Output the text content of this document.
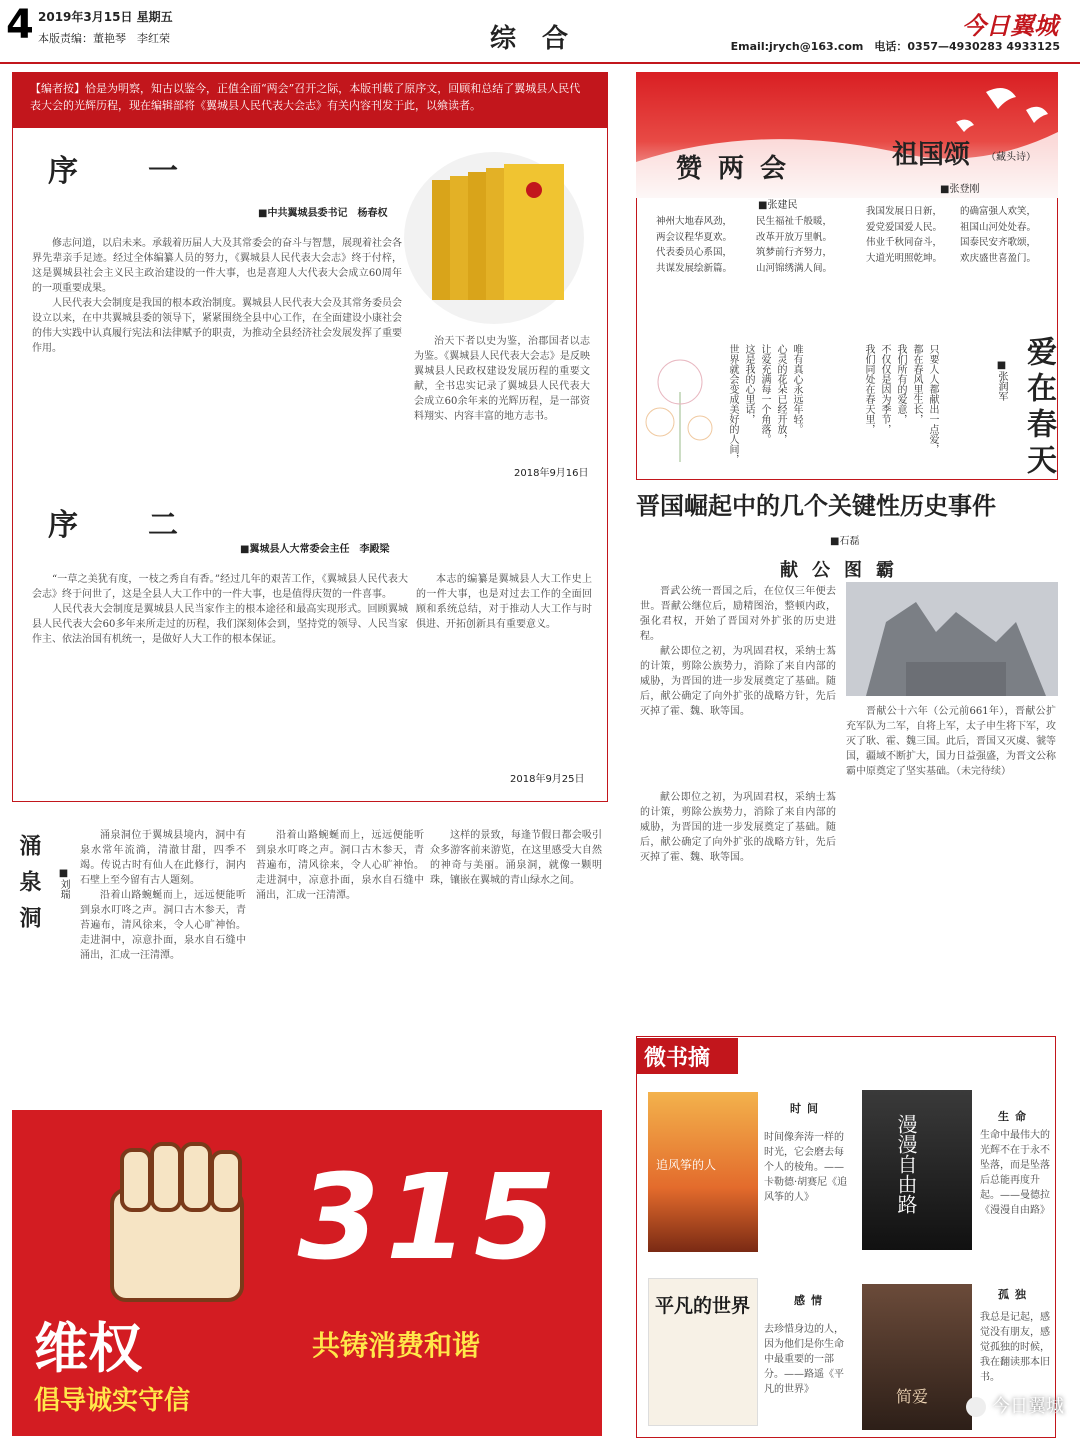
4 2019年3月15日 星期五
本版责编：董艳琴　李红荣	综合	今日翼城
Email:jrych@163.com　电话：0357—4930283 4933125
【编者按】恰是为明察，知古以鉴今，正值全面“两会”召开之际，本版刊载了原序文，回顾和总结了翼城县人民代表大会的光辉历程，现在编辑部将《翼城县人民代表大会志》有关内容刊发于此，以飨读者。
序一
■中共翼城县委书记　杨春权

修志问道，以启未来。承载着历届人大及其常委会的奋斗与智慧，展现着社会各界先辈亲手足迹。经过全体编纂人员的努力，《翼城县人民代表大会志》终于付梓，这是翼城县社会主义民主政治建设的一件大事，也是喜迎人大代表大会成立60周年的一项重要成果。

人民代表大会制度是我国的根本政治制度。翼城县人民代表大会及其常务委员会设立以来，在中共翼城县委的领导下，紧紧围绕全县中心工作，在全面建设小康社会的伟大实践中认真履行宪法和法律赋予的职责，为推动全县经济社会发展发挥了重要作用。

治天下者以史为鉴，治郡国者以志为鉴。《翼城县人民代表大会志》是反映翼城县人民政权建设发展历程的重要文献，全书忠实记录了翼城县人民代表大会成立60余年来的光辉历程，是一部资料翔实、内容丰富的地方志书。

2018年9月16日
序二
■翼城县人大常委会主任　李殿梁

“一草之美犹有度，一枝之秀自有香。”经过几年的艰苦工作，《翼城县人民代表大会志》终于问世了，这是全县人大工作中的一件大事，也是值得庆贺的一件喜事。

人民代表大会制度是翼城县人民当家作主的根本途径和最高实现形式。回顾翼城县人民代表大会60多年来所走过的历程，我们深刻体会到，坚持党的领导、人民当家作主、依法治国有机统一，是做好人大工作的根本保证。

本志的编纂是翼城县人大工作史上的一件大事，也是对过去工作的全面回顾和系统总结，对于推动人大工作与时俱进、开拓创新具有重要意义。

2018年9月25日
赞两会
■张建民
祖国颂 （藏头诗）
■张登刚
神州大地春风劲，
两会议程华夏欢。
代表委员心系国，
共谋发展绘新篇。
民生福祉千般暖，
改革开放万里帆。
筑梦前行齐努力，
山河锦绣满人间。
我国发展日日新，
爱党爱国爱人民。
伟业千秋同奋斗，
大道光明照乾坤。
的确富强人欢笑，
祖国山河处处春。
国泰民安齐歌颂，
欢庆盛世喜盈门。
唯有真心永远年轻。
心灵的花朵已经开放，
让爱充满每一个角落。
这是我的心里话，
世界就会变成美好的人间，	只要人人都献出一点爱，
都在春风里生长，
我们所有的爱意，
不仅仅是因为季节，
我们同处在春天里，	■张润军 爱在春天
晋国崛起中的几个关键性历史事件
■石磊
献公图霸

晋武公统一晋国之后，在位仅三年便去世。晋献公继位后，励精图治，整顿内政，强化君权，开始了晋国对外扩张的历史进程。

献公即位之初，为巩固君权，采纳士蒍的计策，剪除公族势力，消除了来自内部的威胁，为晋国的进一步发展奠定了基础。随后，献公确定了向外扩张的战略方针，先后灭掉了霍、魏、耿等国。	晋献公十六年（公元前661年），晋献公扩充军队为二军，自将上军，太子申生将下军，攻灭了耿、霍、魏三国。此后，晋国又灭虞、虢等国，疆域不断扩大，国力日益强盛，为晋文公称霸中原奠定了坚实基础。（未完待续）

献公即位之初，为巩固君权，采纳士蒍的计策，剪除公族势力，消除了来自内部的威胁，为晋国的进一步发展奠定了基础。随后，献公确定了向外扩张的战略方针，先后灭掉了霍、魏、耿等国。

涌泉洞	■刘瑞

涌泉洞位于翼城县境内，洞中有泉水常年流淌，清澈甘甜，四季不竭。传说古时有仙人在此修行，洞内石壁上至今留有古人题刻。

沿着山路蜿蜒而上，远远便能听到泉水叮咚之声。洞口古木参天，青苔遍布，清风徐来，令人心旷神怡。走进洞中，凉意扑面，泉水自石缝中涌出，汇成一汪清潭。

沿着山路蜿蜒而上，远远便能听到泉水叮咚之声。洞口古木参天，青苔遍布，清风徐来，令人心旷神怡。走进洞中，凉意扑面，泉水自石缝中涌出，汇成一汪清潭。

这样的景致，每逢节假日都会吸引众多游客前来游览，在这里感受大自然的神奇与美丽。涌泉洞，就像一颗明珠，镶嵌在翼城的青山绿水之间。

315
维权	共铸消费和谐
倡导诚实守信
微书摘
追风筝的人
时间
时间像奔涛一样的时光，它会磨去每个人的棱角。——卡勒德·胡赛尼《追风筝的人》	漫漫自由路	生命
生命中最伟大的光辉不在于永不坠落，而是坠落后总能再度升起。——曼德拉《漫漫自由路》
平凡的世界	感情
去珍惜身边的人，因为他们是你生命中最重要的一部分。——路遥《平凡的世界》	简爱
孤独
我总是记起，感觉没有朋友，感觉孤独的时候，我在翻读那本旧书。
今日翼城
